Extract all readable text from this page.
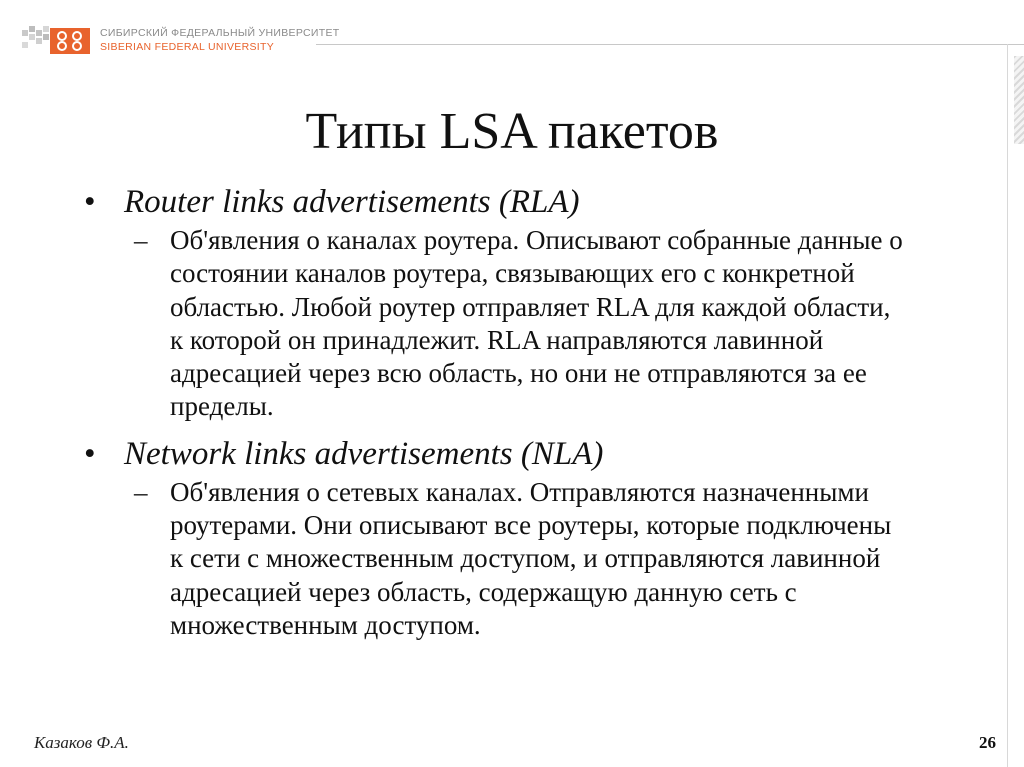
СИБИРСКИЙ ФЕДЕРАЛЬНЫЙ УНИВЕРСИТЕТ
SIBERIAN FEDERAL UNIVERSITY
Типы LSA пакетов
• Router links advertisements (RLA)
– Об'явления о каналах роутера. Описывают собранные данные о состоянии каналов роутера, связывающих его с конкретной областью. Любой роутер отправляет RLA для каждой области, к которой он принадлежит. RLA направляются лавинной адресацией через всю область, но они не отправляются за ее пределы.
• Network links advertisements (NLA)
– Об'явления о сетевых каналах. Отправляются назначенными роутерами. Они описывают все роутеры, которые подключены к сети с множественным доступом, и отправляются лавинной адресацией через область, содержащую данную сеть с множественным доступом.
Казаков Ф.А.	26
